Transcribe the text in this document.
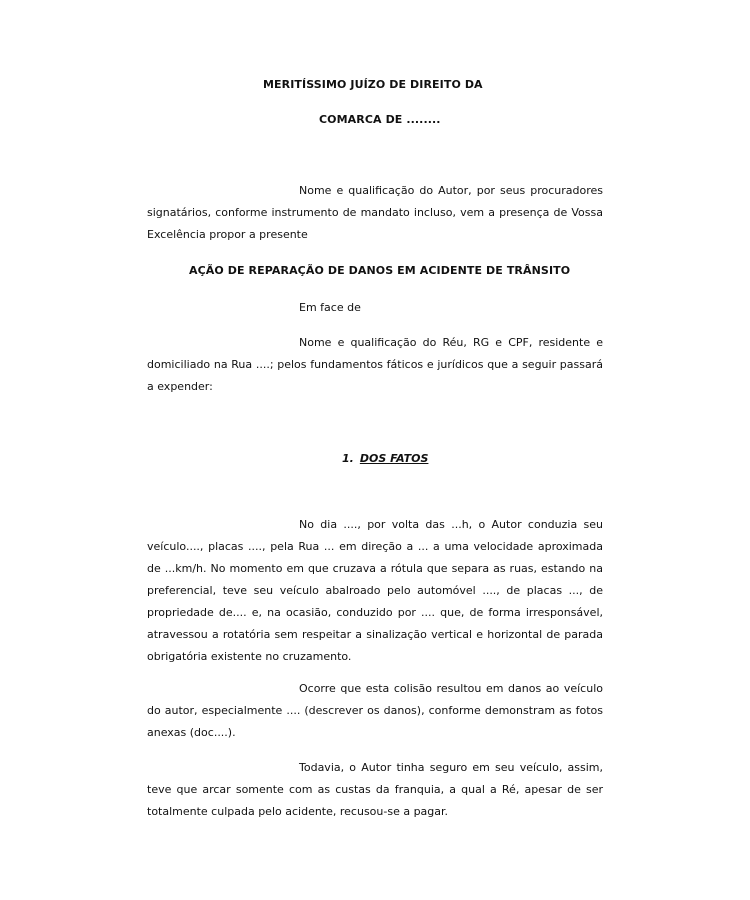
MERITÍSSIMO JUÍZO DE DIREITO DA
COMARCA DE ........
Nome e qualificação do Autor, por seus procuradores signatários, conforme instrumento de mandato incluso, vem a presença de Vossa Excelência propor a presente
AÇÃO DE REPARAÇÃO DE DANOS EM ACIDENTE DE TRÂNSITO
Em face de
Nome e qualificação do Réu, RG e CPF, residente e domiciliado na Rua ....; pelos fundamentos fáticos e jurídicos que a seguir passará a expender:
1. DOS FATOS
No dia ...., por volta das ...h, o Autor conduzia seu veículo...., placas ...., pela Rua ... em direção a ... a uma velocidade aproximada de ...km/h. No momento em que cruzava a rótula que separa as ruas, estando na preferencial, teve seu veículo abalroado pelo automóvel ...., de placas ..., de propriedade de.... e, na ocasião, conduzido por .... que, de forma irresponsável, atravessou a rotatória sem respeitar a sinalização vertical e horizontal de parada obrigatória existente no cruzamento.
Ocorre que esta colisão resultou em danos ao veículo do autor, especialmente .... (descrever os danos), conforme demonstram as fotos anexas (doc....).
Todavia, o Autor tinha seguro em seu veículo, assim, teve que arcar somente com as custas da franquia, a qual a Ré, apesar de ser totalmente culpada pelo acidente, recusou-se a pagar.
